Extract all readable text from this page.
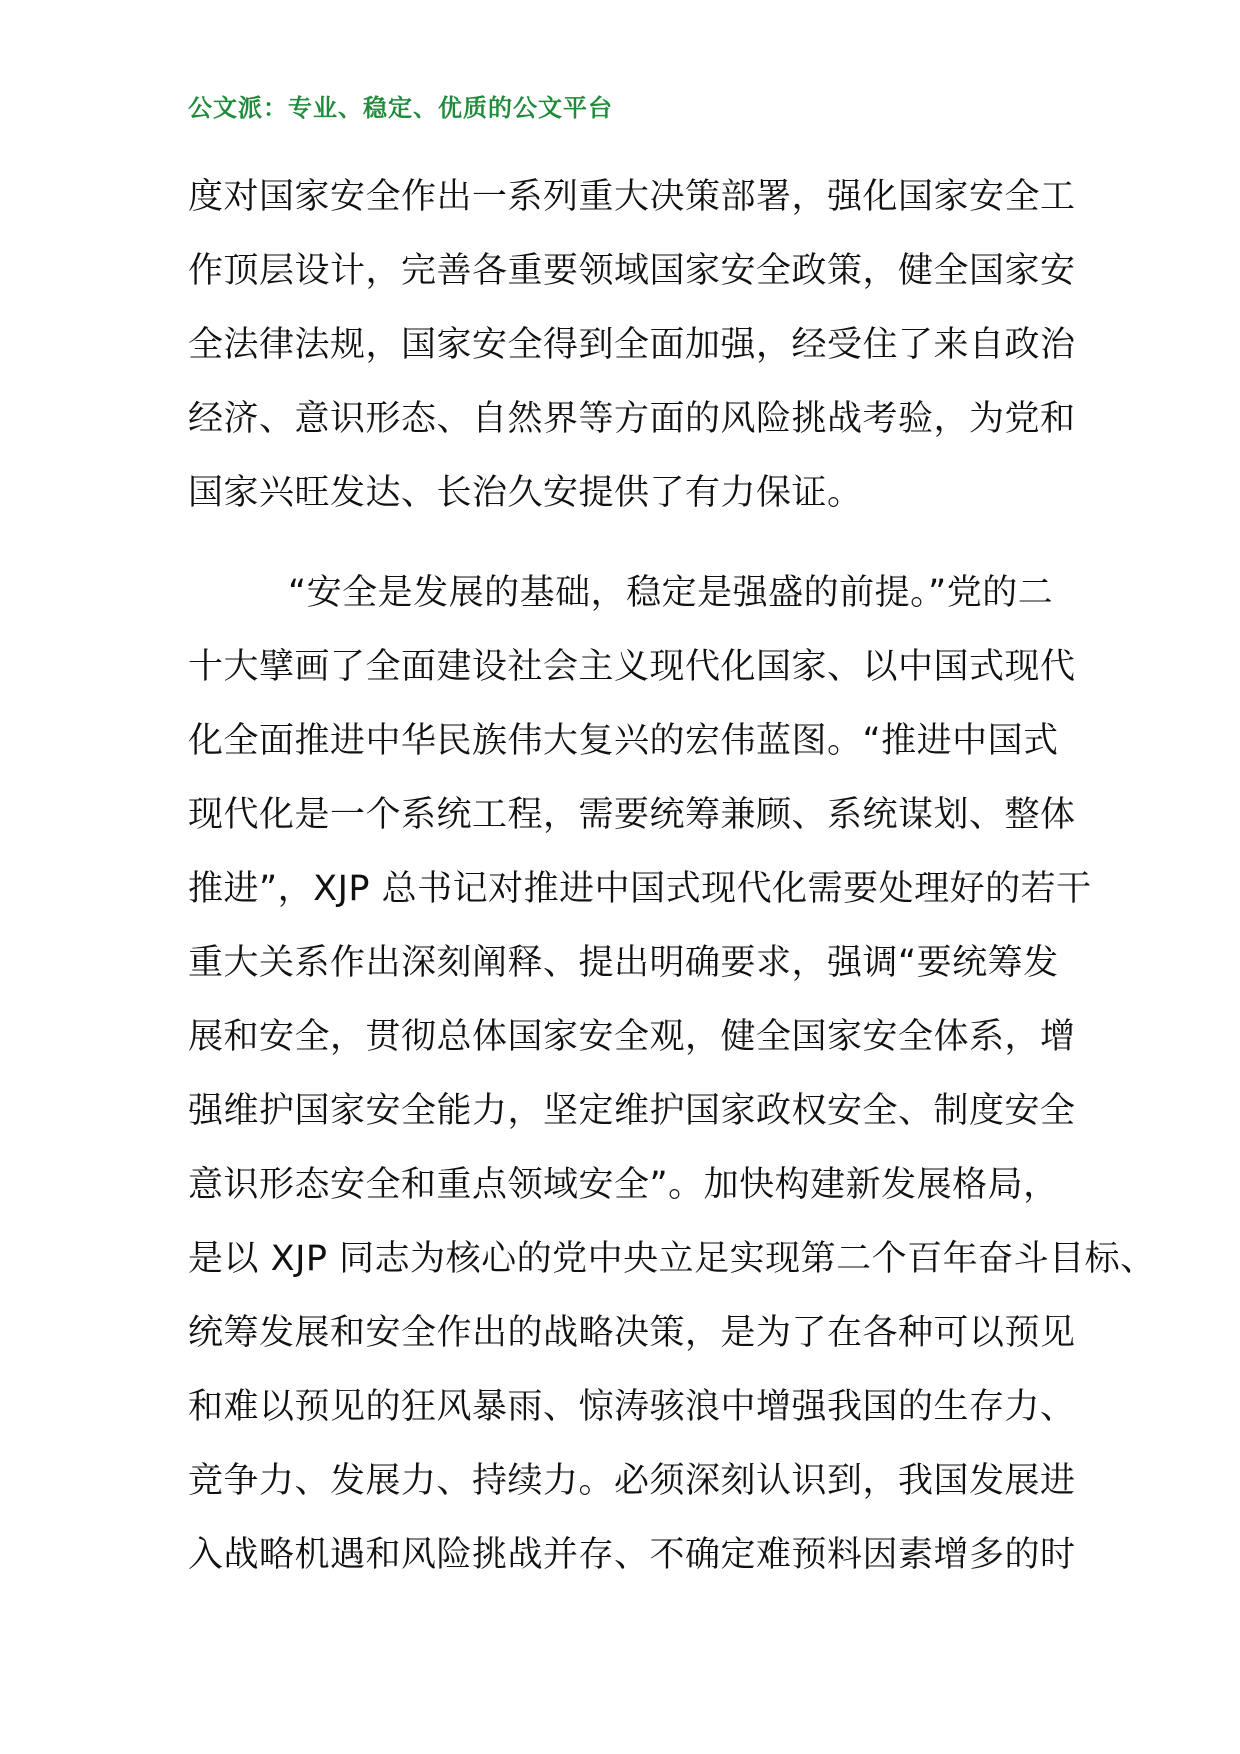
公文派：专业、稳定、优质的公文平台
度对国家安全作出一系列重大决策部署，强化国家安全工
作顶层设计，完善各重要领域国家安全政策，健全国家安
全法律法规，国家安全得到全面加强，经受住了来自政治
经济、意识形态、自然界等方面的风险挑战考验，为党和
国家兴旺发达、长治久安提供了有力保证。
“安全是发展的基础，稳定是强盛的前提。”党的二
十大擘画了全面建设社会主义现代化国家、以中国式现代
化全面推进中华民族伟大复兴的宏伟蓝图。“推进中国式
现代化是一个系统工程，需要统筹兼顾、系统谋划、整体
推进”，XJP 总书记对推进中国式现代化需要处理好的若干
重大关系作出深刻阐释、提出明确要求，强调“要统筹发
展和安全，贯彻总体国家安全观，健全国家安全体系，增
强维护国家安全能力，坚定维护国家政权安全、制度安全
意识形态安全和重点领域安全”。加快构建新发展格局，
是以 XJP 同志为核心的党中央立足实现第二个百年奋斗目标、
统筹发展和安全作出的战略决策，是为了在各种可以预见
和难以预见的狂风暴雨、惊涛骇浪中增强我国的生存力、
竞争力、发展力、持续力。必须深刻认识到，我国发展进
入战略机遇和风险挑战并存、不确定难预料因素增多的时
